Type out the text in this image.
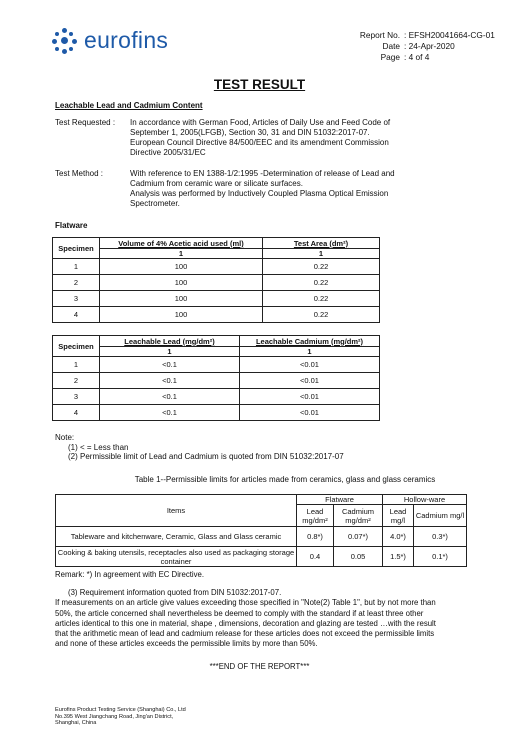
eurofins	Report No. : EFSH20041664-CG-01
Date : 24-Apr-2020
Page : 4 of 4
TEST RESULT
Leachable Lead and Cadmium Content
Test Requested : In accordance with German Food, Articles of Daily Use and Feed Code of
September 1, 2005(LFGB), Section 30, 31 and DIN 51032:2017-07.
European Council Directive 84/500/EEC and its amendment Commission
Directive 2005/31/EC
Test Method :	With reference to EN 1388-1/2:1995 -Determination of release of Lead and
Cadmium from ceramic ware or silicate surfaces.
Analysis was performed by Inductively Coupled Plasma Optical Emission
Spectrometer.
Flatware
Specimen	Volume of 4% Acetic acid used (ml)	Test Area (dm²)
	1	1
1	100	0.22
2	100	0.22
3	100	0.22
4	100	0.22
Specimen	Leachable Lead (mg/dm²)	Leachable Cadmium (mg/dm²)
	1	1
1	<0.1	<0.01
2	<0.1	<0.01
3	<0.1	<0.01
4	<0.1	<0.01
Note:
(1) < = Less than
(2) Permissible limit of Lead and Cadmium is quoted from DIN 51032:2017-07
Table 1--Permissible limits for articles made from ceramics, glass and glass ceramics
Items	Flatware		Hollow-ware	
	Lead mg/dm²	Cadmium mg/dm²	Lead mg/l	Cadmium mg/l
Tableware and kitchenware, Ceramic, Glass and Glass ceramic	0.8*)	0.07*)	4.0*)	0.3*)
Cooking & baking utensils, receptacles also used as packaging storage container	0.4	0.05	1.5*)	0.1*)
Remark: *) In agreement with EC Directive.
(3) Requirement information quoted from DIN 51032:2017-07.
If measurements on an article give values exceeding those specified in "Note(2) Table 1", but by not more than
50%, the article concerned shall nevertheless be deemed to comply with the standard if at least three other
articles identical to this one in material, shape , dimensions, decoration and glazing are tested …with the result
that the arithmetic mean of lead and cadmium release for these articles does not exceed the permissible limits
and none of these articles exceeds the permissible limits by more than 50%.
***END OF THE REPORT***
Eurofins Product Testing Service (Shanghai) Co., Ltd
No.395 West Jiangchang Road, Jing'an District,
Shanghai, China
